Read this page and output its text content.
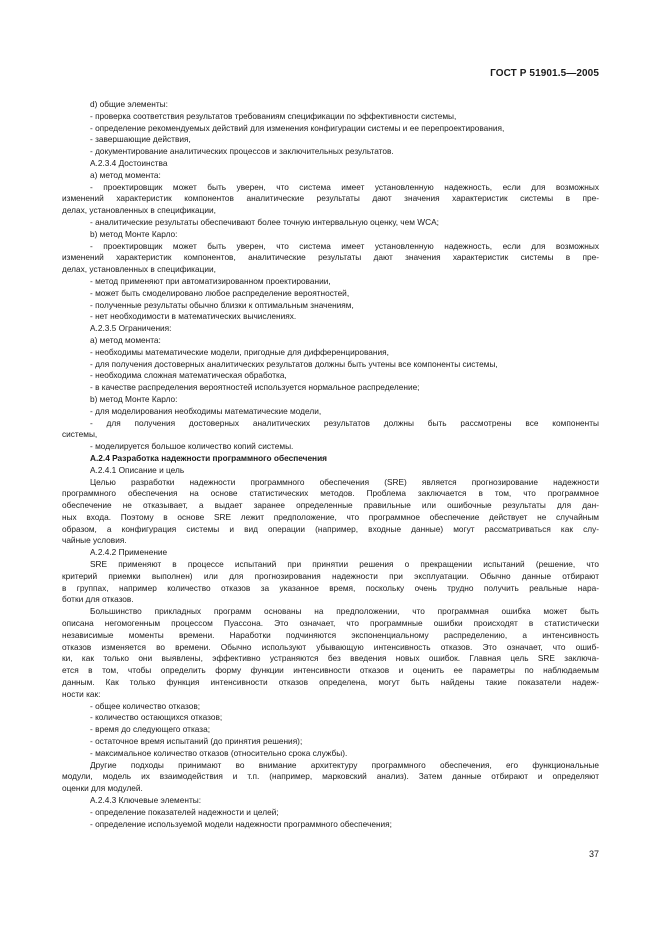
ГОСТ Р 51901.5—2005

d) общие элементы:

- проверка соответствия результатов требованиям спецификации по эффективности системы,

- определение рекомендуемых действий для изменения конфигурации системы и ее перепроектирования,

- завершающие действия,

- документирование аналитических процессов и заключительных результатов.

A.2.3.4 Достоинства

a) метод момента:

- проектировщик может быть уверен, что система имеет установленную надежность, если для возможных

изменений характеристик компонентов аналитические результаты дают значения характеристик системы в пре-

делах, установленных в спецификации,

- аналитические результаты обеспечивают более точную интервальную оценку, чем WCA;

b) метод Монте Карло:

- проектировщик может быть уверен, что система имеет установленную надежность, если для возможных

изменений характеристик компонентов, аналитические результаты дают значения характеристик системы в пре-

делах, установленных в спецификации,

- метод применяют при автоматизированном проектировании,

- может быть смоделировано любое распределение вероятностей,

- полученные результаты обычно близки к оптимальным значениям,

- нет необходимости в математических вычислениях.

A.2.3.5 Ограничения:

a) метод момента:

- необходимы математические модели, пригодные для дифференцирования,

- для получения достоверных аналитических результатов должны быть учтены все компоненты системы,

- необходима сложная математическая обработка,

- в качестве распределения вероятностей используется нормальное распределение;

b) метод Монте Карло:

- для моделирования необходимы математические модели,

- для получения достоверных аналитических результатов должны быть рассмотрены все компоненты

системы,

- моделируется большое количество копий системы.

A.2.4 Разработка надежности программного обеспечения

A.2.4.1 Описание и цель

Целью разработки надежности программного обеспечения (SRE) является прогнозирование надежности

программного обеспечения на основе статистических методов. Проблема заключается в том, что программное

обеспечение не отказывает, а выдает заранее определенные правильные или ошибочные результаты для дан-

ных входа. Поэтому в основе SRE лежит предположение, что программное обеспечение действует не случайным

образом, а конфигурация системы и вид операции (например, входные данные) могут рассматриваться как слу-

чайные условия.

A.2.4.2 Применение

SRE применяют в процессе испытаний при принятии решения о прекращении испытаний (решение, что

критерий приемки выполнен) или для прогнозирования надежности при эксплуатации. Обычно данные отбирают

в группах, например количество отказов за указанное время, поскольку очень трудно получить реальные нара-

ботки для отказов.

Большинство прикладных программ основаны на предположении, что программная ошибка может быть

описана негомогенным процессом Пуассона. Это означает, что программные ошибки происходят в статистически

независимые моменты времени. Наработки подчиняются экспоненциальному распределению, а интенсивность

отказов изменяется во времени. Обычно используют убывающую интенсивность отказов. Это означает, что ошиб-

ки, как только они выявлены, эффективно устраняются без введения новых ошибок. Главная цель SRE заключа-

ется в том, чтобы определить форму функции интенсивности отказов и оценить ее параметры по наблюдаемым

данным. Как только функция интенсивности отказов определена, могут быть найдены такие показатели надеж-

ности как:

- общее количество отказов;

- количество остающихся отказов;

- время до следующего отказа;

- остаточное время испытаний (до принятия решения);

- максимальное количество отказов (относительно срока службы).

Другие подходы принимают во внимание архитектуру программного обеспечения, его функциональные

модули, модель их взаимодействия и т.п. (например, марковский анализ). Затем данные отбирают и определяют

оценки для модулей.

A.2.4.3 Ключевые элементы:

- определение показателей надежности и целей;

- определение используемой модели надежности программного обеспечения;

37
